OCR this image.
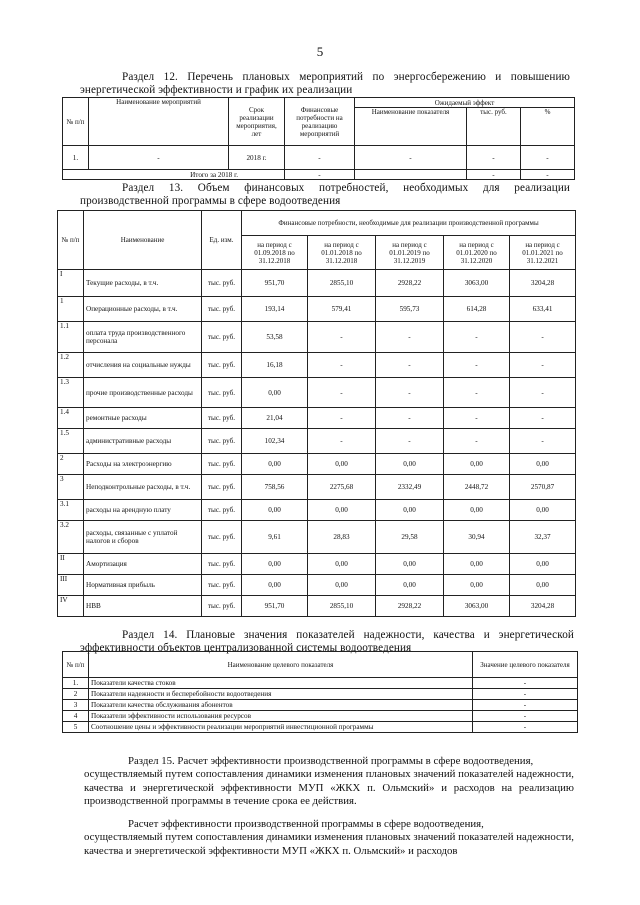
5
Раздел 12. Перечень плановых мероприятий по энергосбережению и повышению
энергетической эффективности и график их реализации
№ п/п	Наименование мероприятий	Срок реализации мероприятия, лет	Финансовые потребности на реализацию мероприятий	Ожидаемый эффект		
				Наименование показателя	тыс. руб.	%
1.	-	2018 г.	-	-	-	-
Итого за 2018 г.			-		-	-
Раздел 13. Объем финансовых потребностей, необходимых для реализации
производственной программы в сфере водоотведения
№ п/п	Наименование	Ед. изм.	Финансовые потребности, необходимые для реализации производственной программы				
			на период с 01.09.2018 по 31.12.2018	на период с 01.01.2018 по 31.12.2018	на период с 01.01.2019 по 31.12.2019	на период с 01.01.2020 по 31.12.2020	на период с 01.01.2021 по 31.12.2021
I	Текущие расходы, в т.ч.	тыс. руб.	951,70	2855,10	2928,22	3063,00	3204,28
1	Операционные расходы, в т.ч.	тыс. руб.	193,14	579,41	595,73	614,28	633,41
1.1	оплата труда производственного персонала	тыс. руб.	53,58	-	-	-	-
1.2	отчисления на социальные нужды	тыс. руб.	16,18	-	-	-	-
1.3	прочие производственные расходы	тыс. руб.	0,00	-	-	-	-
1.4	ремонтные расходы	тыс. руб.	21,04	-	-	-	-
1.5	административные расходы	тыс. руб.	102,34	-	-	-	-
2	Расходы на электроэнергию	тыс. руб.	0,00	0,00	0,00	0,00	0,00
3	Неподконтрольные расходы, в т.ч.	тыс. руб.	758,56	2275,68	2332,49	2448,72	2570,87
3.1	расходы на арендную плату	тыс. руб.	0,00	0,00	0,00	0,00	0,00
3.2	расходы, связанные с уплатой налогов и сборов	тыс. руб.	9,61	28,83	29,58	30,94	32,37
II	Амортизация	тыс. руб.	0,00	0,00	0,00	0,00	0,00
III	Нормативная прибыль	тыс. руб.	0,00	0,00	0,00	0,00	0,00
IV	НВВ	тыс. руб.	951,70	2855,10	2928,22	3063,00	3204,28
Раздел 14. Плановые значения показателей надежности, качества и энергетической
эффективности объектов централизованной системы водоотведения
№ п/п	Наименование целевого показателя	Значение целевого показателя
1.	Показатели качества стоков	-
2	Показатели надежности и бесперебойности водоотведения	-
3	Показатели качества обслуживания абонентов	-
4	Показатели эффективности использования ресурсов	-
5	Соотношение цены и эффективности реализации мероприятий инвестиционной программы	-
Раздел 15. Расчет эффективности производственной программы в сфере водоотведения,
осуществляемый путем сопоставления динамики изменения плановых значений показателей надежности, качества и энергетической эффективности МУП «ЖКХ п. Ольмский» и расходов на реализацию производственной программы в течение срока ее действия.
Расчет эффективности производственной программы в сфере водоотведения,
осуществляемый путем сопоставления динамики изменения плановых значений показателей надежности, качества и энергетической эффективности МУП «ЖКХ п. Ольмский» и расходов
